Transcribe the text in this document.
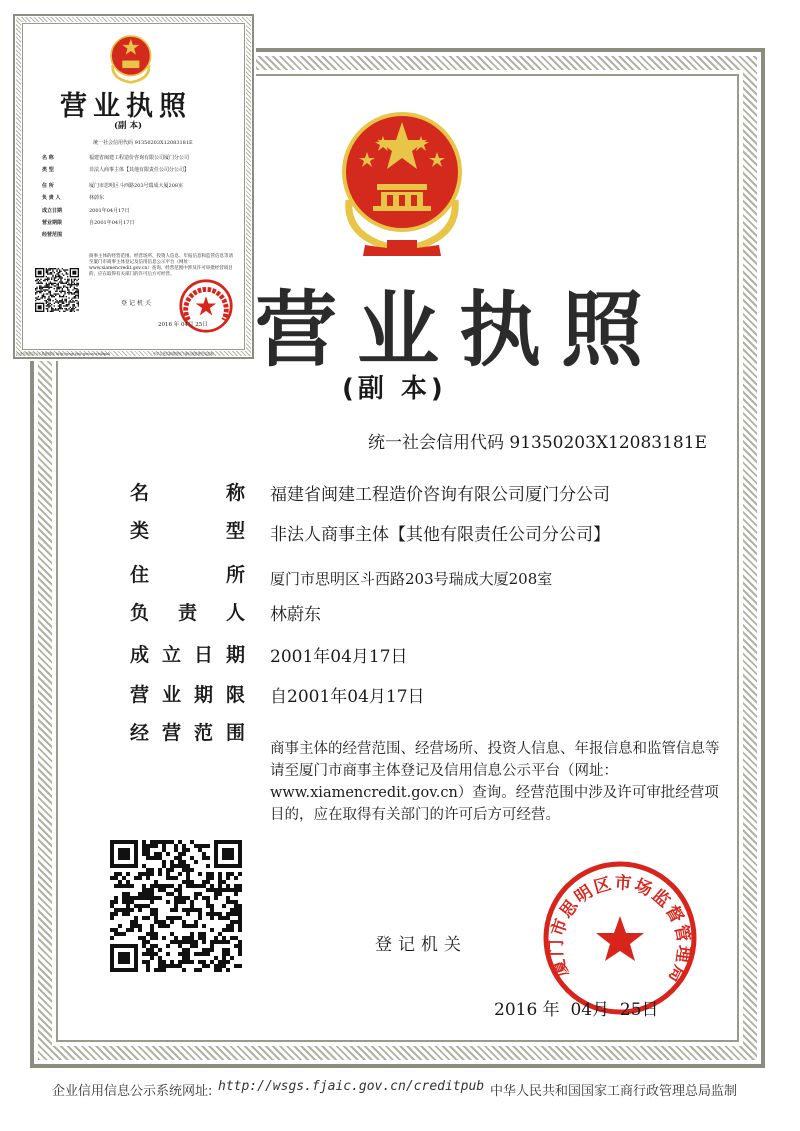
营业执照
(副 本)
统一社会信用代码 91350203X12083181E
名	称 福建省闽建工程造价咨询有限公司厦门分公司
类	型 非法人商事主体【其他有限责任公司分公司】
住	所 厦门市思明区斗西路203号瑞成大厦208室
负 责 人 林蔚东
成 立 日 期 2001年04月17日
营 业 期 限 自2001年04月17日
经 营 范 围
商事主体的经营范围、经营场所、投资人信息、年报信息和监管信息等请至厦门市商事主体登记及信用信息公示平台（网址：www.xiamencredit.gov.cn）查询。经营范围中涉及许可审批经营项目的，应在取得有关部门的许可后方可经营。
登记机关
厦门市思明区市场监督管理局
2016 年  04月  25日
企业信用信息公示系统网址: http://wsgs.fjaic.gov.cn/creditpub 中华人民共和国国家工商行政管理总局监制
营业执照
(副 本)
统一社会信用代码 91350203X12083181E
名 称	福建省闽建工程造价咨询有限公司厦门分公司
类 型	非法人商事主体【其他有限责任公司分公司】
住 所	厦门市思明区斗西路203号瑞成大厦208室
负 责 人	林蔚东
成立日期	2001年04月17日
营业期限	自2001年04月17日
经营范围
商事主体的经营范围、经营场所、投资人信息、年报信息和监管信息等请至厦门市商事主体登记及信用信息公示平台（网址：www.xiamencredit.gov.cn）查询。经营范围中涉及许可审批经营项目的，应在取得有关部门的许可后方可经营。
登记机关
2016 年 04月 25日
企业信用信息公示系统网址: http://wsgs.fjaic.gov.cn/creditpub	中华人民共和国国家工商行政管理总局监制
